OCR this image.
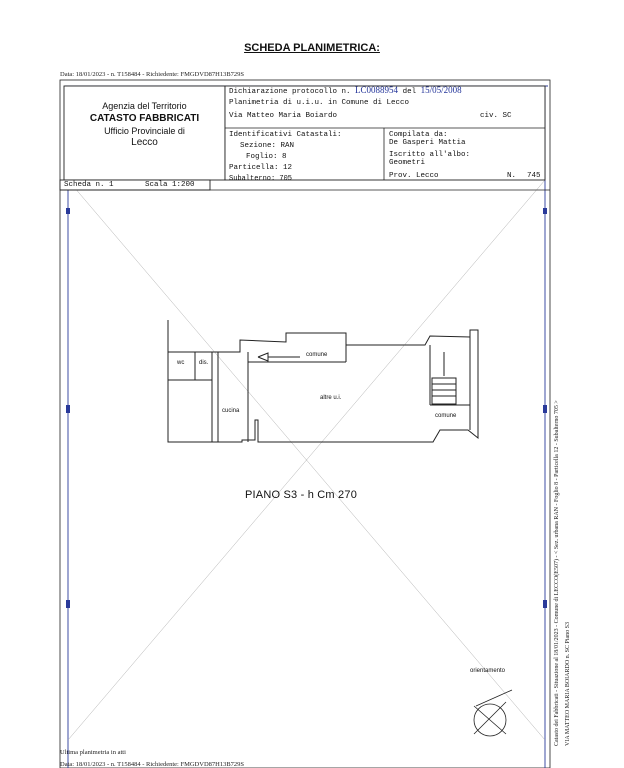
SCHEDA PLANIMETRICA:
Data: 18/01/2023 - n. T158484 - Richiedente: FMGDVD87H13B729S
Agenzia del Territorio
CATASTO FABBRICATI
Ufficio Provinciale di
Lecco
Dichiarazione protocollo n. LC0088954 del 15/05/2008
Planimetria di u.i.u. in Comune di Lecco
Via Matteo Maria Boiardo	civ. SC
Identificativi Catastali:
Sezione: RAN
Foglio: 8
Particella: 12
Subalterno: 705
Compilata da:
De Gasperi Mattia
Iscritto all'albo:
Geometri
Prov. Lecco	N. 745
Scheda n. 1	Scala 1:200
wc dis.
cucina
comune
altre u.i.
comune
PIANO S3 - h Cm 270
orientamento	Catasto dei Fabbricati - Situazione al 18/01/2023 - Comune di LECCO(E507) - < Sez. urbana RAN - Foglio 8 - Particella 12 - Subalterno 705 > VIA MATTEO MARIA BOIARDO n. SC Piano S3
Ultima planimetria in atti
Data: 18/01/2023 - n. T158484 - Richiedente: FMGDVD87H13B729S
